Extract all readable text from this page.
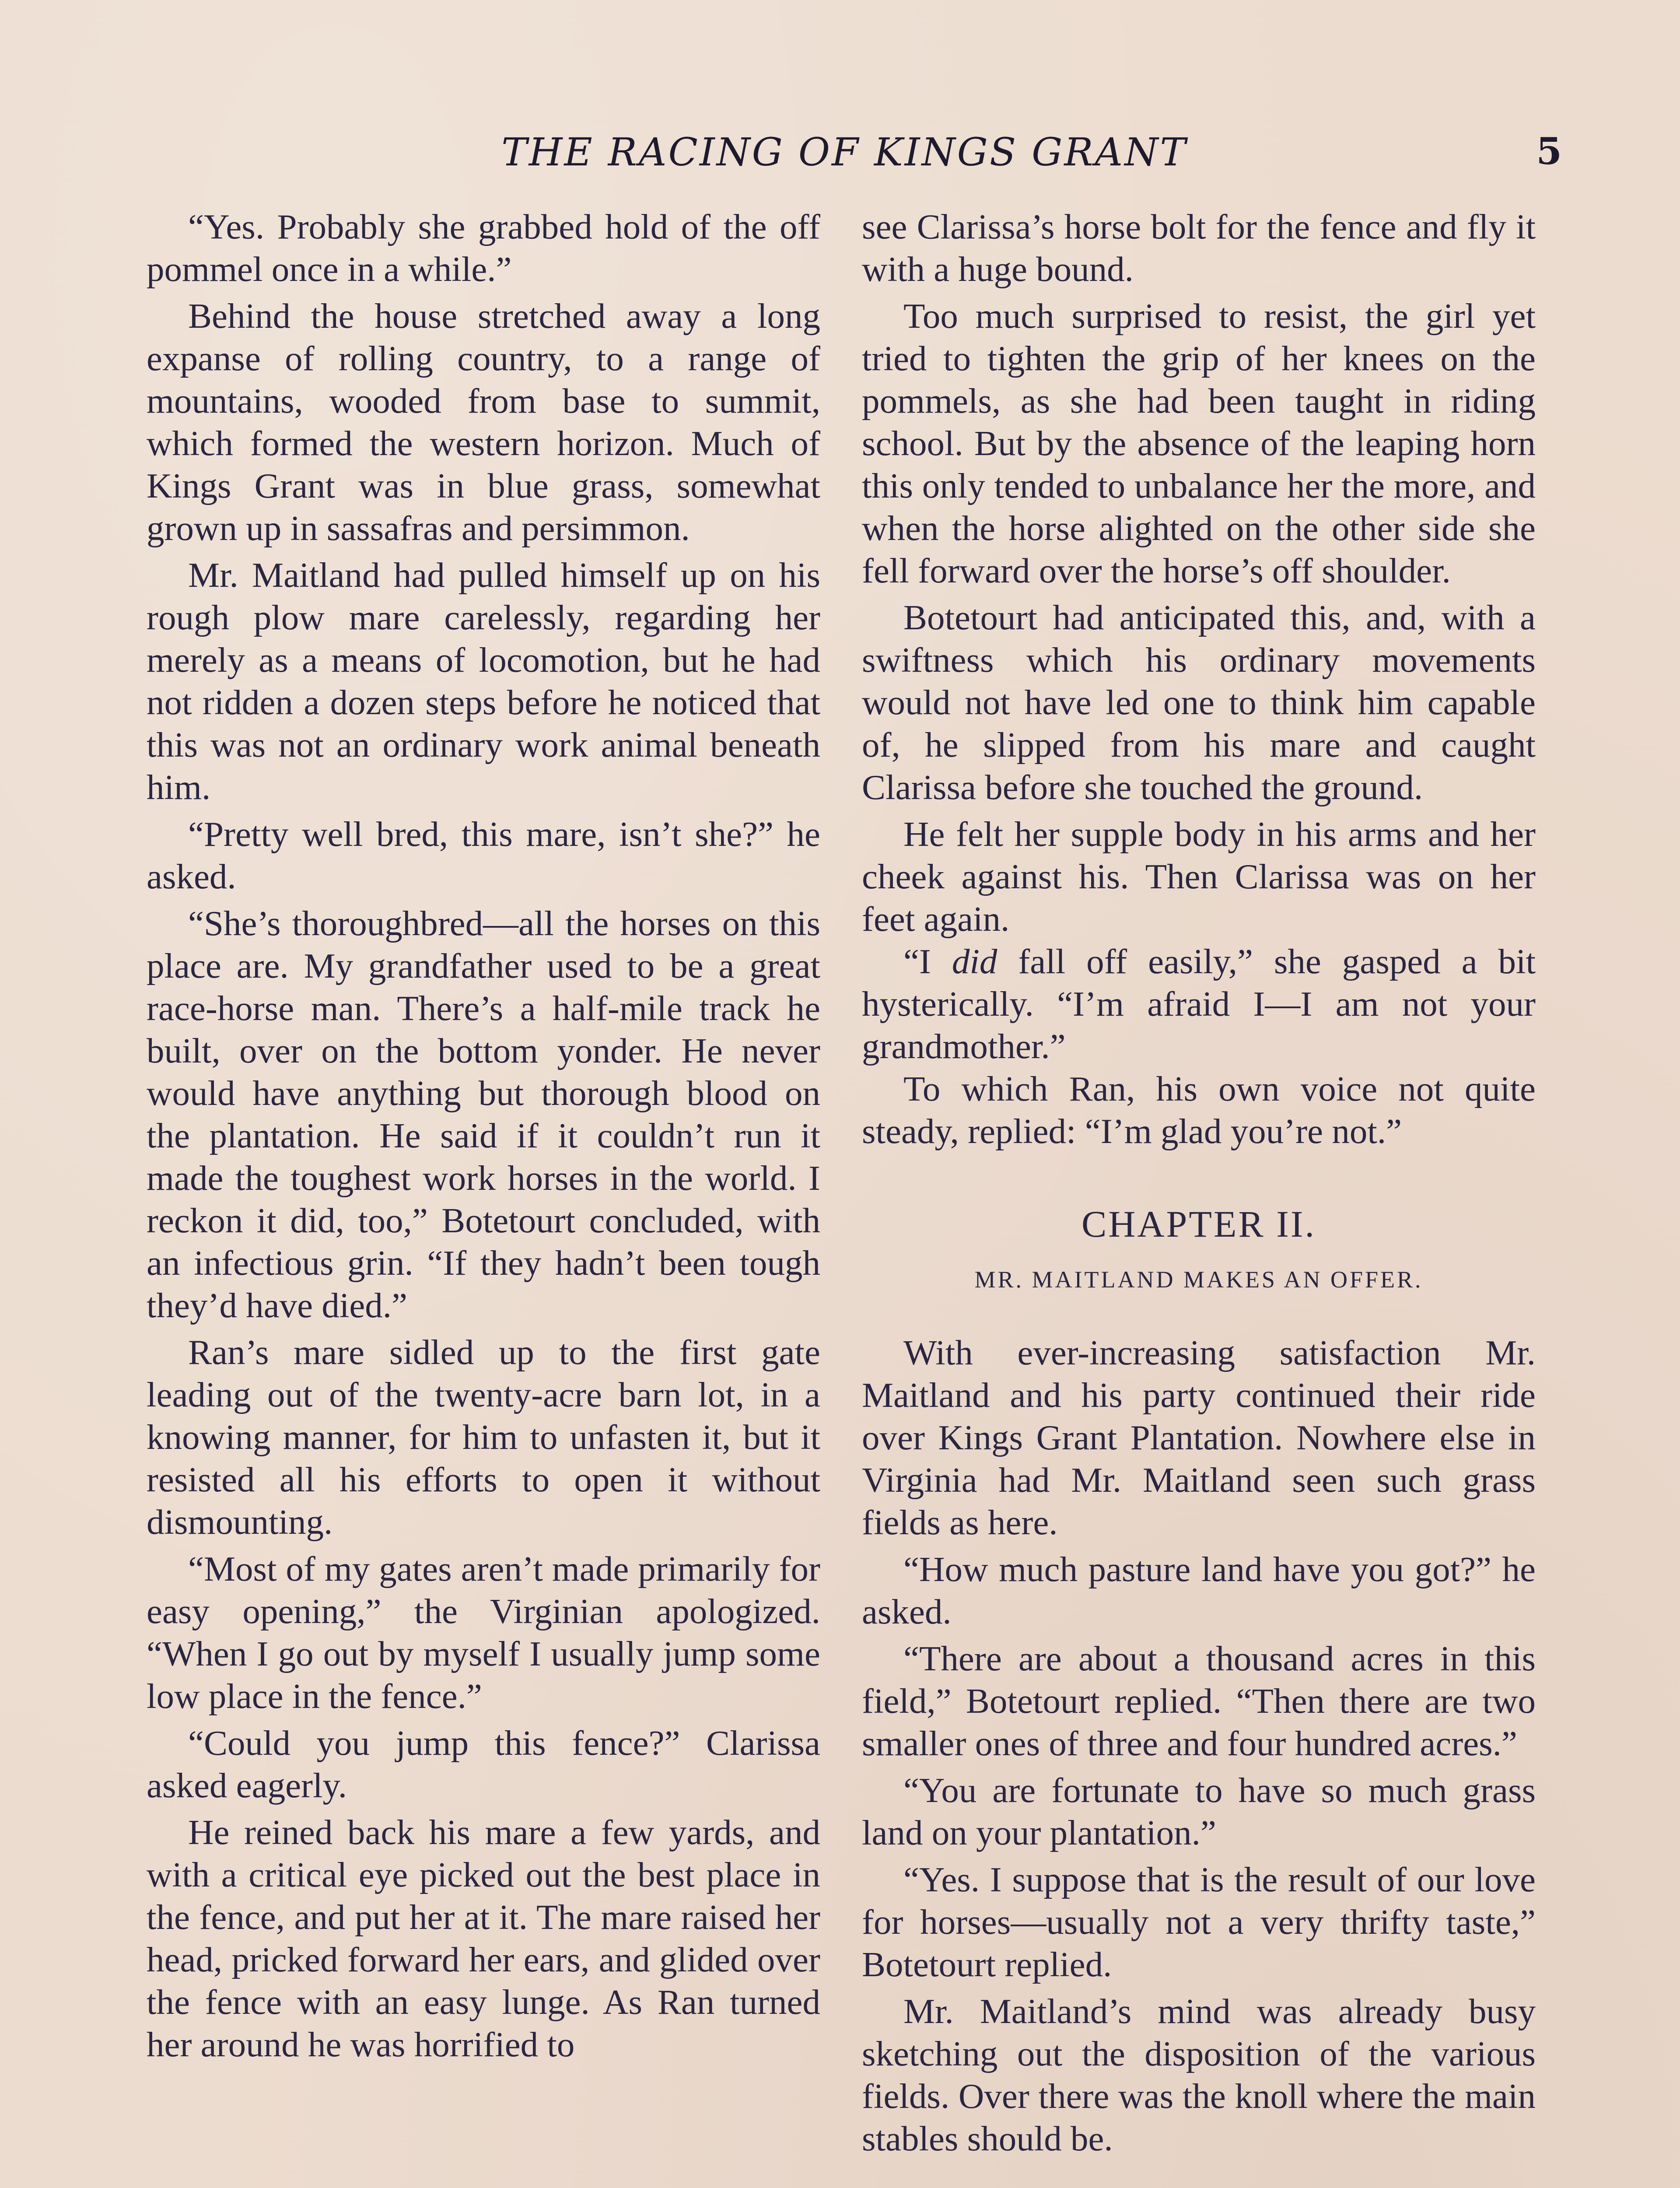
THE RACING OF KINGS GRANT	5

“Yes. Probably she grabbed hold of the off pommel once in a while.”

Behind the house stretched away a long expanse of rolling country, to a range of mountains, wooded from base to summit, which formed the western horizon. Much of Kings Grant was in blue grass, somewhat grown up in sassafras and persimmon.

Mr. Maitland had pulled himself up on his rough plow mare carelessly, regarding her merely as a means of locomotion, but he had not ridden a dozen steps before he noticed that this was not an ordinary work animal beneath him.

“Pretty well bred, this mare, isn’t she?” he asked.

“She’s thoroughbred—all the horses on this place are. My grandfather used to be a great race-horse man. There’s a half-mile track he built, over on the bottom yonder. He never would have anything but thorough blood on the plantation. He said if it couldn’t run it made the toughest work horses in the world. I reckon it did, too,” Botetourt concluded, with an infectious grin. “If they hadn’t been tough they’d have died.”

Ran’s mare sidled up to the first gate leading out of the twenty-acre barn lot, in a knowing manner, for him to unfasten it, but it resisted all his efforts to open it without dismounting.

“Most of my gates aren’t made primarily for easy opening,” the Virginian apologized. “When I go out by myself I usually jump some low place in the fence.”

“Could you jump this fence?” Clarissa asked eagerly.

He reined back his mare a few yards, and with a critical eye picked out the best place in the fence, and put her at it. The mare raised her head, pricked forward her ears, and glided over the fence with an easy lunge. As Ran turned her around he was horrified to

see Clarissa’s horse bolt for the fence and fly it with a huge bound.

Too much surprised to resist, the girl yet tried to tighten the grip of her knees on the pommels, as she had been taught in riding school. But by the absence of the leaping horn this only tended to unbalance her the more, and when the horse alighted on the other side she fell forward over the horse’s off shoulder.

Botetourt had anticipated this, and, with a swiftness which his ordinary movements would not have led one to think him capable of, he slipped from his mare and caught Clarissa before she touched the ground.

He felt her supple body in his arms and her cheek against his. Then Clarissa was on her feet again.

“I did fall off easily,” she gasped a bit hysterically. “I’m afraid I—I am not your grandmother.”

To which Ran, his own voice not quite steady, replied: “I’m glad you’re not.”

CHAPTER II.
MR. MAITLAND MAKES AN OFFER.

With ever-increasing satisfaction Mr. Maitland and his party continued their ride over Kings Grant Plantation. Nowhere else in Virginia had Mr. Maitland seen such grass fields as here.

“How much pasture land have you got?” he asked.

“There are about a thousand acres in this field,” Botetourt replied. “Then there are two smaller ones of three and four hundred acres.”

“You are fortunate to have so much grass land on your plantation.”

“Yes. I suppose that is the result of our love for horses—usually not a very thrifty taste,” Botetourt replied.

Mr. Maitland’s mind was already busy sketching out the disposition of the various fields. Over there was the knoll where the main stables should be.
